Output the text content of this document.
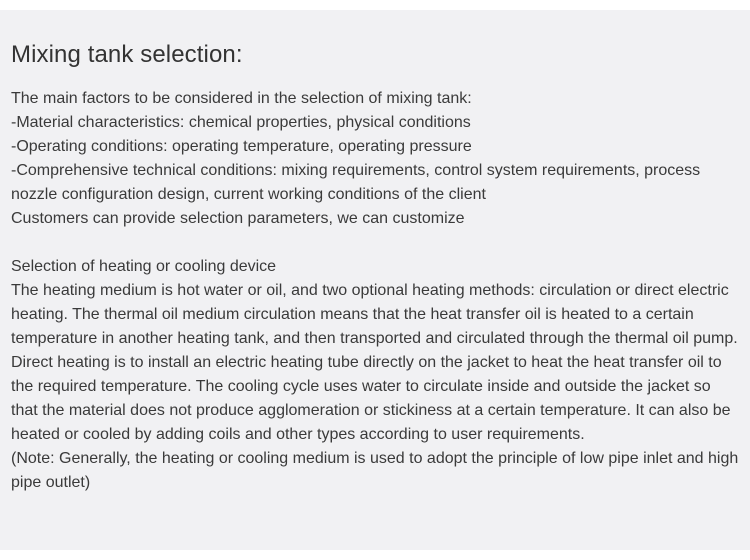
Mixing tank selection:

The main factors to be considered in the selection of mixing tank:

-Material characteristics: chemical properties, physical conditions

-Operating conditions: operating temperature, operating pressure

-Comprehensive technical conditions: mixing requirements, control system requirements, process nozzle configuration design, current working conditions of the client

Customers can provide selection parameters, we can customize

Selection of heating or cooling device

The heating medium is hot water or oil, and two optional heating methods: circulation or direct electric heating. The thermal oil medium circulation means that the heat transfer oil is heated to a certain temperature in another heating tank, and then transported and circulated through the thermal oil pump. Direct heating is to install an electric heating tube directly on the jacket to heat the heat transfer oil to the required temperature. The cooling cycle uses water to circulate inside and outside the jacket so that the material does not produce agglomeration or stickiness at a certain temperature. It can also be heated or cooled by adding coils and other types according to user requirements.

(Note: Generally, the heating or cooling medium is used to adopt the principle of low pipe inlet and high pipe outlet)
